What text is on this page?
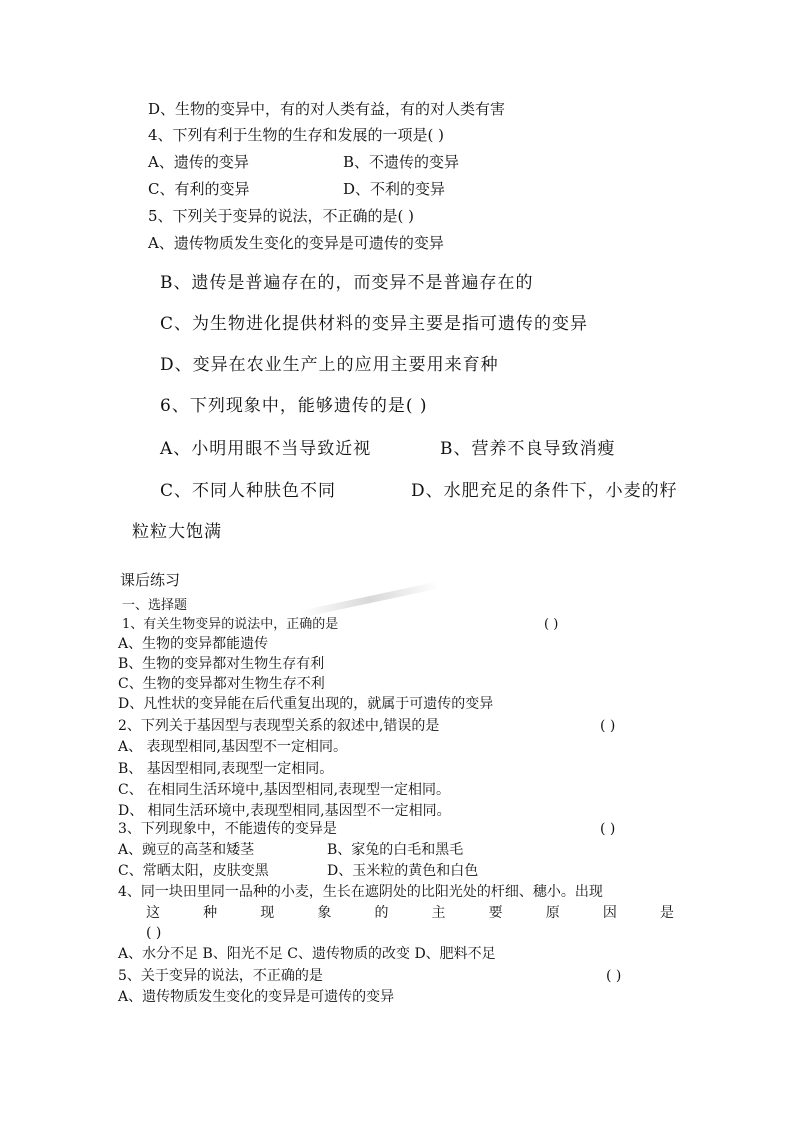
D、生物的变异中，有的对人类有益，有的对人类有害
4、下列有利于生物的生存和发展的一项是( )
A、遗传的变异	B、不遗传的变异
C、有利的变异	D、不利的变异
5、下列关于变异的说法，不正确的是( )
A、遗传物质发生变化的变异是可遗传的变异
B、遗传是普遍存在的，而变异不是普遍存在的
C、为生物进化提供材料的变异主要是指可遗传的变异
D、变异在农业生产上的应用主要用来育种
6、下列现象中，能够遗传的是( )
A、小明用眼不当导致近视	B、营养不良导致消瘦
C、不同人种肤色不同	D、水肥充足的条件下，小麦的籽
粒粒大饱满
课后练习
一、选择题
1、有关生物变异的说法中，正确的是	( )
A、生物的变异都能遗传
B、生物的变异都对生物生存有利
C、生物的变异都对生物生存不利
D、凡性状的变异能在后代重复出现的，就属于可遗传的变异
2、下列关于基因型与表现型关系的叙述中,错误的是	( )
A、 表现型相同,基因型不一定相同。
B、 基因型相同,表现型一定相同。
C、 在相同生活环境中,基因型相同,表现型一定相同。
D、 相同生活环境中,表现型相同,基因型不一定相同。
3、下列现象中，不能遗传的变异是	( )
A、豌豆的高茎和矮茎	B、家兔的白毛和黑毛
C、常晒太阳，皮肤变黑	D、玉米粒的黄色和白色
4、同一块田里同一品种的小麦，生长在遮阴处的比阳光处的杆细、穗小。出现
这	种	现	象	的	主	要	原	因	是
( )
A、水分不足 B、阳光不足 C、遗传物质的改变 D、肥料不足
5、关于变异的说法，不正确的是	( )
A、遗传物质发生变化的变异是可遗传的变异
